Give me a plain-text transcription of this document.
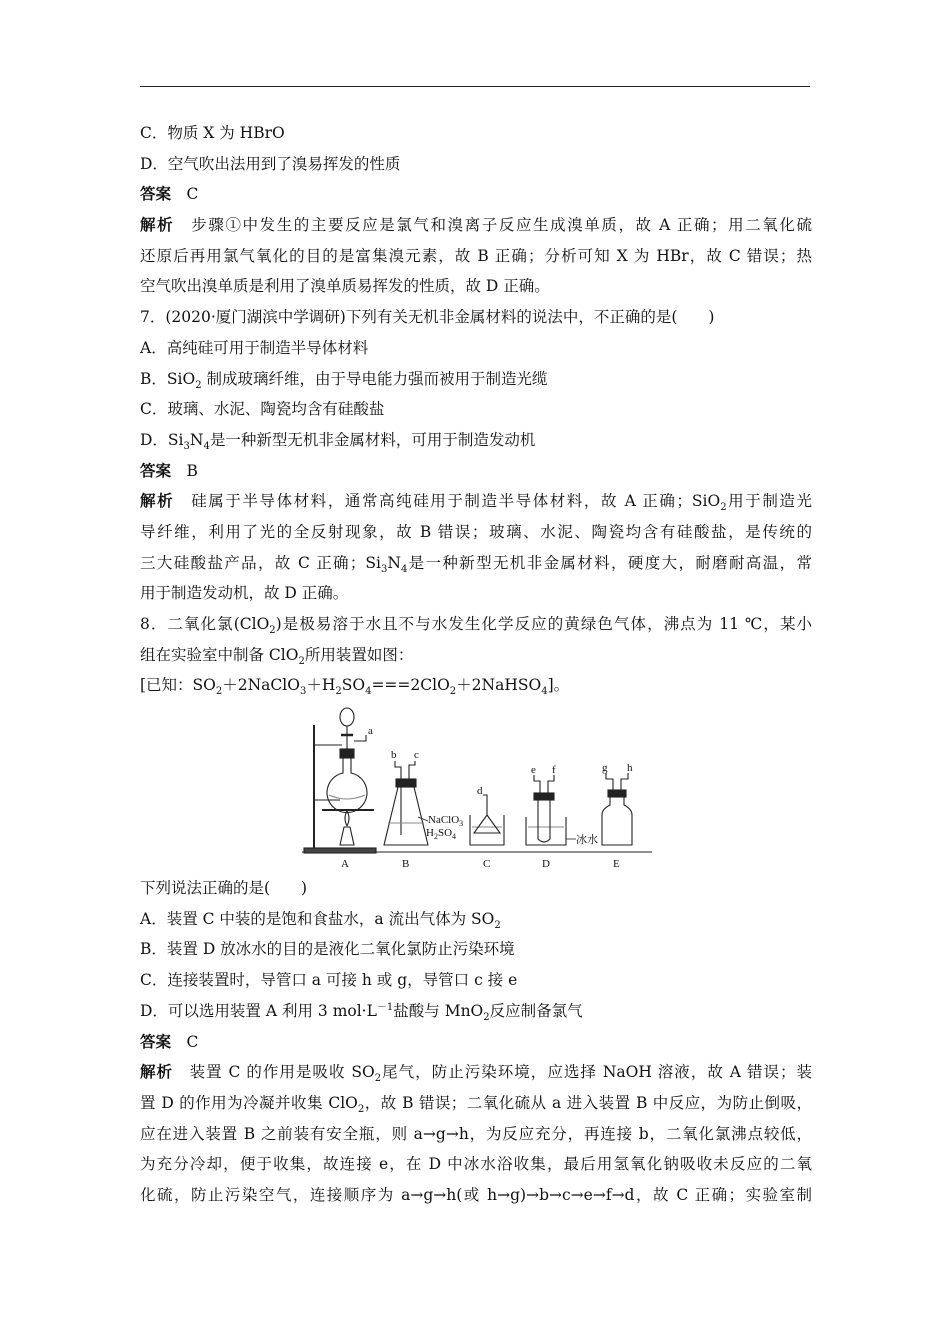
C．物质 X 为 HBrO
D．空气吹出法用到了溴易挥发的性质
答案　 C
解析　 步骤①中发生的主要反应是氯气和溴离子反应生成溴单质，故 A 正确；用二氧化硫
还原后再用氯气氧化的目的是富集溴元素，故 B 正确；分析可知 X 为 HBr，故 C 错误；热
空气吹出溴单质是利用了溴单质易挥发的性质，故 D 正确。
7．(2020·厦门湖滨中学调研)下列有关无机非金属材料的说法中，不正确的是(　　)
A．高纯硅可用于制造半导体材料
B．SiO$_2$ 制成玻璃纤维，由于导电能力强而被用于制造光缆
C．玻璃、水泥、陶瓷均含有硅酸盐
D．$Si_3N_4$是一种新型无机非金属材料，可用于制造发动机
答案　 B
解析　 硅属于半导体材料，通常高纯硅用于制造半导体材料，故 A 正确；SiO$_2$用于制造光
导纤维，利用了光的全反射现象，故 B 错误；玻璃、水泥、陶瓷均含有硅酸盐，是传统的
三大硅酸盐产品，故 C 正确；$Si_3N_4$是一种新型无机非金属材料，硬度大，耐磨耐高温，常
用于制造发动机，故 D 正确。
8．二氧化氯(ClO$_2$)是极易溶于水且不与水发生化学反应的黄绿色气体，沸点为 11 ℃，某小
组在实验室中制备 ClO$_2$所用装置如图：
[已知：$SO_2+2NaClO_3+H_2SO_4===2ClO_2+2NaHSO_4$]。
a
b c
d
e f	g h
NaClO$_3$
$H_2SO_4$	冰水
A	B	C	D	E
下列说法正确的是(　　)
A．装置 C 中装的是饱和食盐水，a 流出气体为 $SO_2$
B．装置 D 放冰水的目的是液化二氧化氯防止污染环境
C．连接装置时，导管口 a 可接 h 或 g，导管口 c 接 e
D．可以选用装置 A 利用 3 $mol\cdot L^{-1}$盐酸与 MnO$_2$反应制备氯气
答案　 C
解析　 装置 C 的作用是吸收 $SO_2$尾气，防止污染环境，应选择 NaOH 溶液，故 A 错误；装
置 D 的作用为冷凝并收集 ClO$_2$，故 B 错误；二氧化硫从 a 进入装置 B 中反应，为防止倒吸，
应在进入装置 B 之前装有安全瓶，则 a→g→h，为反应充分，再连接 b，二氧化氯沸点较低，
为充分冷却，便于收集，故连接 e，在 D 中冰水浴收集，最后用氢氧化钠吸收未反应的二氧
化硫，防止污染空气，连接顺序为 a→g→h(或 h→g)→b→c→e→f→d，故 C 正确；实验室制
